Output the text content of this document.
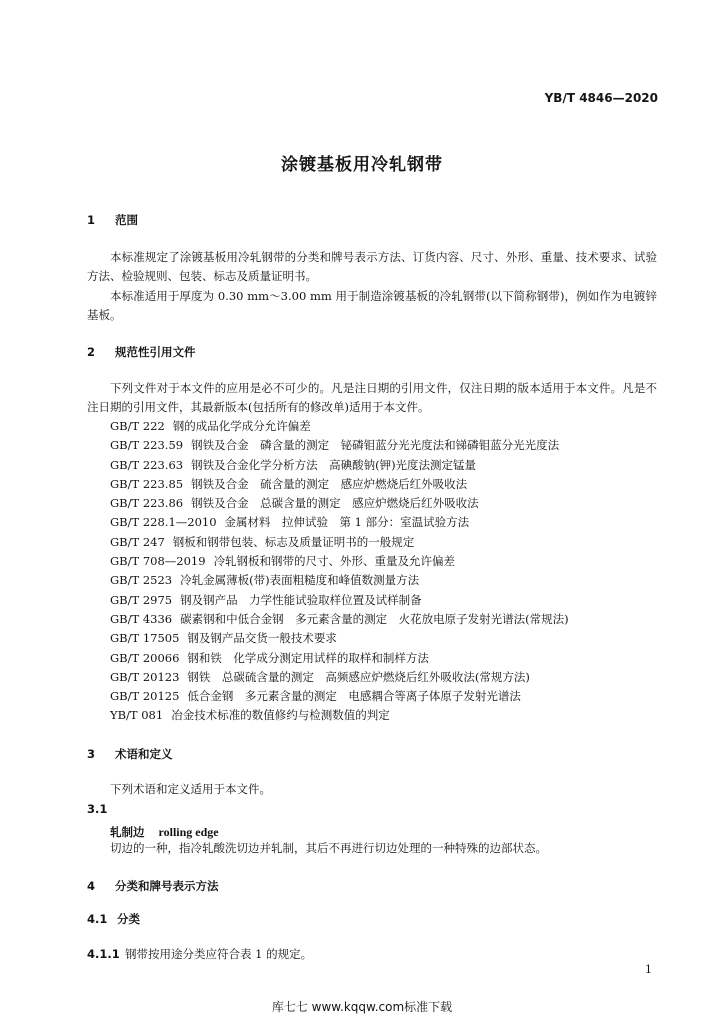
YB/T 4846—2020
涂镀基板用冷轧钢带
1 范围
本标准规定了涂镀基板用冷轧钢带的分类和牌号表示方法、订货内容、尺寸、外形、重量、技术要求、试验方法、检验规则、包装、标志及质量证明书。
本标准适用于厚度为 0.30 mm～3.00 mm 用于制造涂镀基板的冷轧钢带(以下简称钢带)，例如作为电镀锌基板。
2 规范性引用文件
下列文件对于本文件的应用是必不可少的。凡是注日期的引用文件，仅注日期的版本适用于本文件。凡是不注日期的引用文件，其最新版本(包括所有的修改单)适用于本文件。
GB/T 222 钢的成品化学成分允许偏差
GB/T 223.59 钢铁及合金　磷含量的测定　铋磷钼蓝分光光度法和锑磷钼蓝分光光度法
GB/T 223.63 钢铁及合金化学分析方法　高碘酸钠(钾)光度法测定锰量
GB/T 223.85 钢铁及合金　硫含量的测定　感应炉燃烧后红外吸收法
GB/T 223.86 钢铁及合金　总碳含量的测定　感应炉燃烧后红外吸收法
GB/T 228.1—2010 金属材料　拉伸试验　第 1 部分：室温试验方法
GB/T 247 钢板和钢带包装、标志及质量证明书的一般规定
GB/T 708—2019 冷轧钢板和钢带的尺寸、外形、重量及允许偏差
GB/T 2523 冷轧金属薄板(带)表面粗糙度和峰值数测量方法
GB/T 2975 钢及钢产品　力学性能试验取样位置及试样制备
GB/T 4336 碳素钢和中低合金钢　多元素含量的测定　火花放电原子发射光谱法(常规法)
GB/T 17505 钢及钢产品交货一般技术要求
GB/T 20066 钢和铁　化学成分测定用试样的取样和制样方法
GB/T 20123 钢铁　总碳硫含量的测定　高频感应炉燃烧后红外吸收法(常规方法)
GB/T 20125 低合金钢　多元素含量的测定　电感耦合等离子体原子发射光谱法
YB/T 081 冶金技术标准的数值修约与检测数值的判定
3 术语和定义
下列术语和定义适用于本文件。
3.1
轧制边 rolling edge
切边的一种，指冷轧酸洗切边并轧制，其后不再进行切边处理的一种特殊的边部状态。
4 分类和牌号表示方法
4.1 分类
4.1.1 钢带按用途分类应符合表 1 的规定。
1
库七七 www.kqqw.com标准下载
